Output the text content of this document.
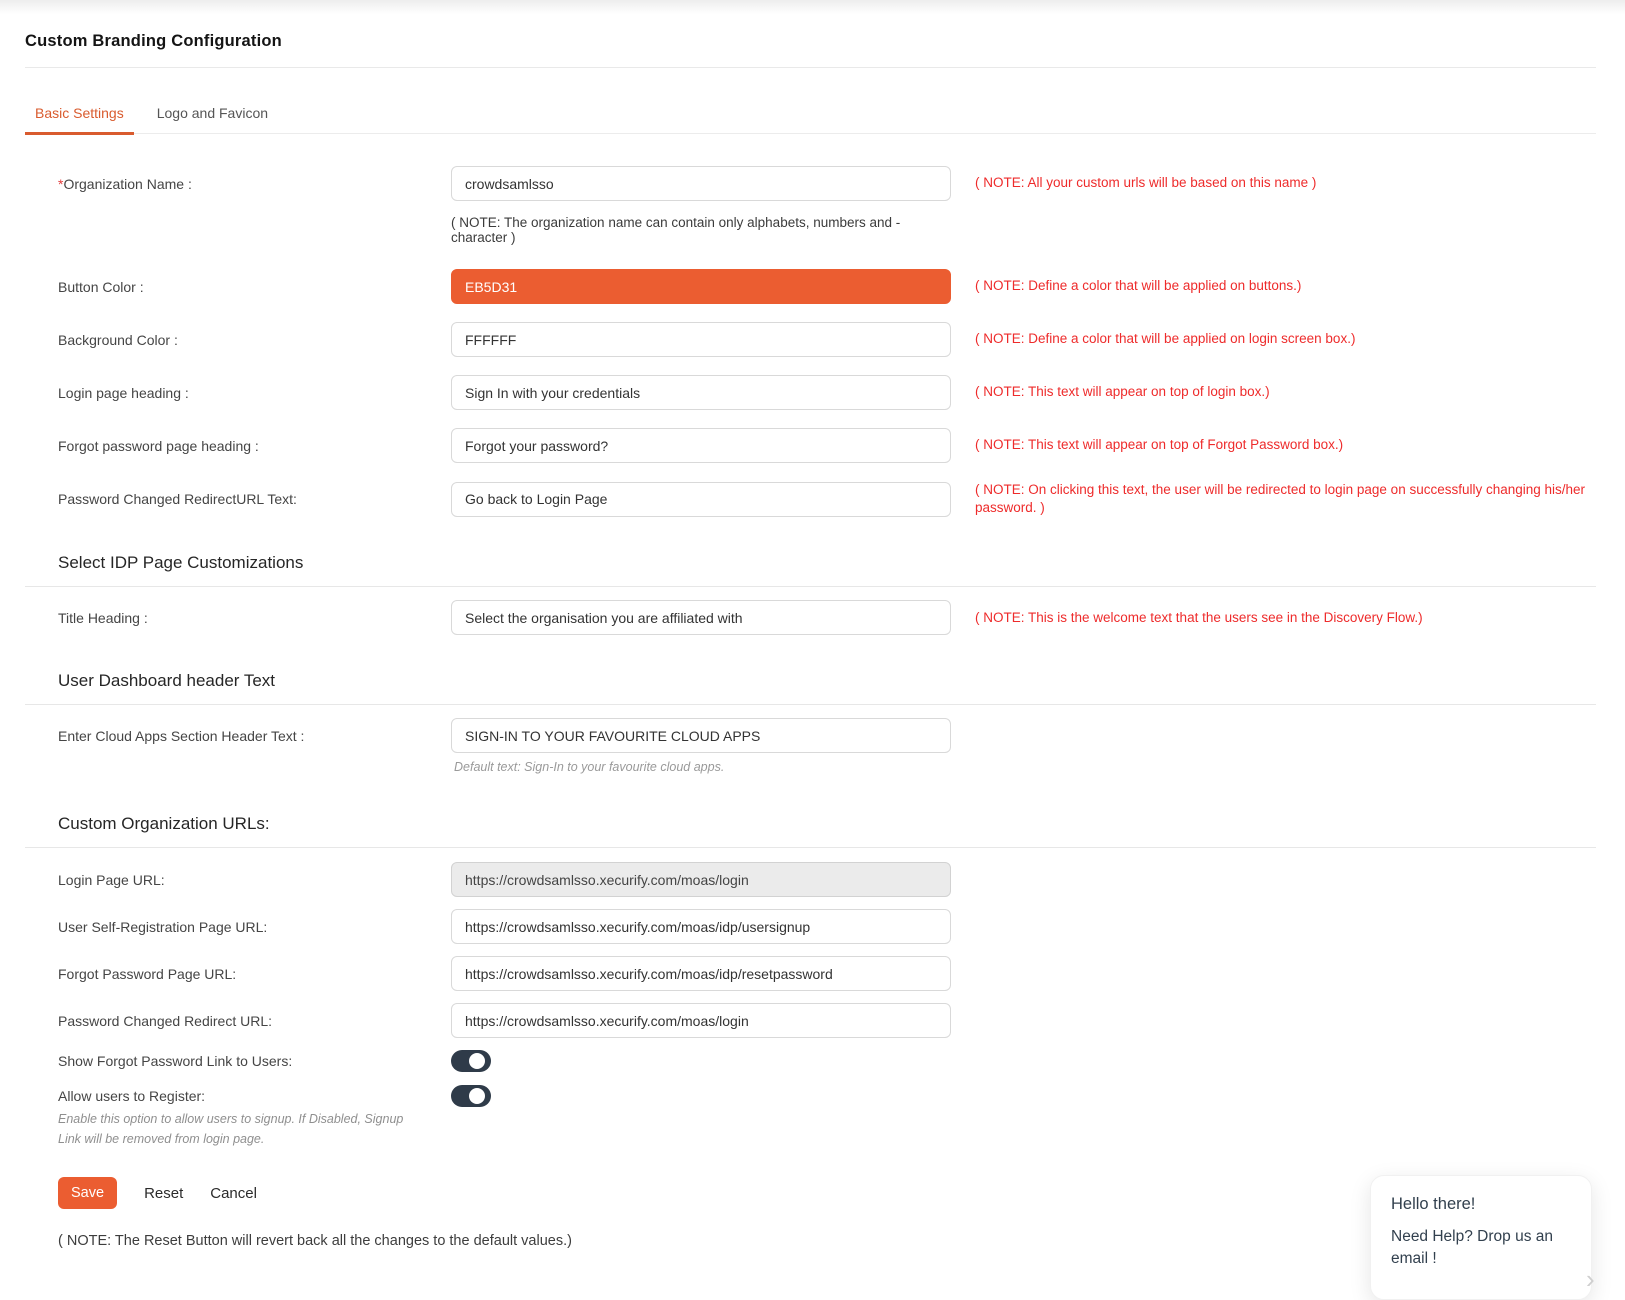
Custom Branding Configuration
Basic Settings	Logo and Favicon
*Organization Name :
crowdsamlsso	( NOTE: All your custom urls will be based on this name )
( NOTE: The organization name can contain only alphabets, numbers and - character )
Button Color :
EB5D31	( NOTE: Define a color that will be applied on buttons.)
Background Color :
FFFFFF	( NOTE: Define a color that will be applied on login screen box.)
Login page heading :
Sign In with your credentials	( NOTE: This text will appear on top of login box.)
Forgot password page heading :
Forgot your password?	( NOTE: This text will appear on top of Forgot Password box.)
Password Changed RedirectURL Text:
Go back to Login Page
( NOTE: On clicking this text, the user will be redirected to login page on successfully changing his/her password. )
Select IDP Page Customizations
Title Heading :
Select the organisation you are affiliated with	( NOTE: This is the welcome text that the users see in the Discovery Flow.)
User Dashboard header Text
Enter Cloud Apps Section Header Text :
SIGN-IN TO YOUR FAVOURITE CLOUD APPS
Default text: Sign-In to your favourite cloud apps.
Custom Organization URLs:
Login Page URL:
https://crowdsamlsso.xecurify.com/moas/login
User Self-Registration Page URL:
https://crowdsamlsso.xecurify.com/moas/idp/usersignup
Forgot Password Page URL:
https://crowdsamlsso.xecurify.com/moas/idp/resetpassword
Password Changed Redirect URL:
https://crowdsamlsso.xecurify.com/moas/login
Show Forgot Password Link to Users:
Allow users to Register:
Enable this option to allow users to signup. If Disabled, Signup Link will be removed from login page.
Save	Reset Cancel
( NOTE: The Reset Button will revert back all the changes to the default values.)
Hello there!
Need Help? Drop us an email !
›
